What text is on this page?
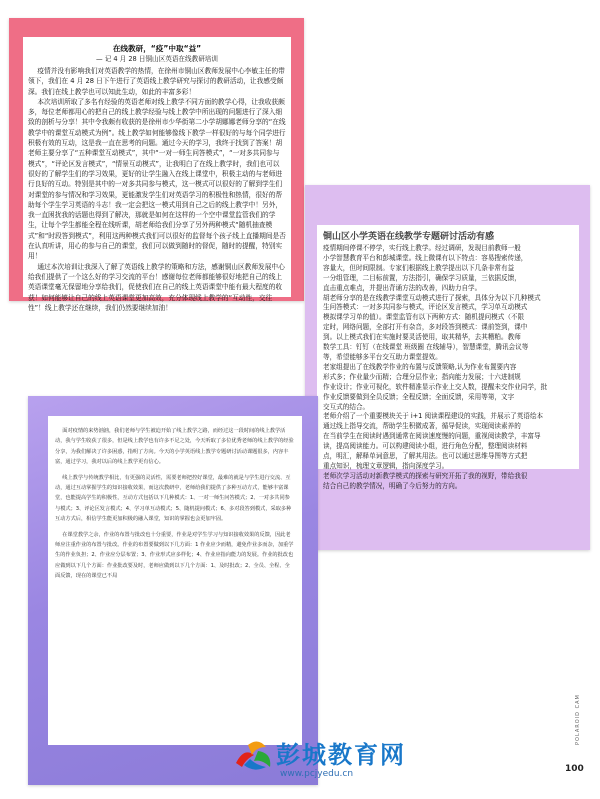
在线教研，“疫”中取“益”
— 记 4 月 28 日铜山区英语在线教研培训

疫情并没有影响我们对英语教学的热情，在徐州市铜山区教师发展中心李敏主任的带领下，我们在 4 月 28 日下午进行了英语线上教学研究与探讨的教研活动，让我感受颇深。我们在线上教学也可以知此生动，如此的丰富多彩！

本次培训所取了多名有经验的英语老师对线上教学不同方面的教学心得，让我收获颇多，每位老师都用心的把自己的线上教学经验与线上教学中所出现的问题进行了深入细致的剖析与分享！其中令我颇有收获的是徐州市少华街第二小学胡娜娜老师分享的“在线教学中的课堂互动模式为例”。线上教学如何能够像线下教学一样很好的与每个同学进行积极有效的互动，这是我一直在思考的问题。通过今天的学习，我终于找到了答案！胡老师主要分享了“五种课堂互动模式”，其中“一对一师生问答模式”，“一对多共同参与模式”，“评论区发言模式”，“情景互动模式”，让我明白了在线上教学时，我们也可以很好的了解学生们的学习效果，更好的让学生融入在线上课堂中，积极主动的与老师进行良好的互动。特别是其中的一对多共同参与模式，这一模式可以很好的了解到学生们对课堂的参与情况和学习效果，更能激发学生们对英语学习的积极性和热情，很好的帮助每个学生学习英语的斗志！我一定会把这一模式用到自己之后的线上教学中！另外，我一直困扰我的话题也得到了解决，那就是如何在这样的一个空中课堂监管我们的学生，让每个学生都能全程在线听课，胡老师给我们分享了另外两种模式“随机抽查模式”和“时段答到模式”，利用这两种模式我们可以很好的监督每个孩子线上直播期间是否在认真听讲，用心的参与自己的课堂，我们可以做到随时的督促，随时的提醒，特别实用！

通过本次培训让我深入了解了英语线上教学的策略和方法，感谢铜山区教师发展中心给我们提供了一个这么好的学习交流的平台！感谢每位老师都能够很好地把自己的线上英语课堂毫无保留地分享给我们，促使我们在自己的线上英语课堂中能有最大程度的收获！如何能够让自己的线上英语课堂更加高效，充分体现线上教学的“互动性，交往性”！线上教学还在继续，我们仍然要继续加油！

铜山区小学英语在线教学专题研讨活动有感
疫情期间停课不停学，实行线上教学。经过调研，发现目前教师一般
小学智慧教育平台和彭城课堂。线上微课有以下特点：容易搜索传递，
容量大，但时间限制。专家们根据线上教学提出以下几条非常有益
一分组管理，二目标前置，方法指引，确保学习质量，三依据反馈，
直击重点难点，并提出背诵方法的改善，四助力自学。
胡老师分享的是在线教学课堂互动模式进行了探索，具体分为以下几种模式
生问答模式：一对多共同参与模式，评论区发言模式，学习单互动模式
模拟课学习单的值）。课堂监管有以下两种方式：随机提问模式（不限
定时，网络问题，全部打开有杂音，多对段答到模式：课前签到，课中
到。以上模式我们在实施时要灵活使用，取其精华，去其糟粕。教师
数学工具：钉钉（在线课堂 班级圈 在线辅导），智慧课堂，腾讯会议等
等，希望能够多平台交互助力课堂提效。
老家组提出了在线教学作业的布置与反馈策略,认为作业布置要内容
形式多；作业量少而精；合理分层作业；指向能力发展；十六进制规
作业设计；作业可视化，软件精准显示作业上交人数，提醒未交作业同学，批
作业反馈要做到全员反馈；全程反馈；全面反馈，采用等第，文字
交互式的结合。
老师介绍了一个重要模块关于 i+1 阅读课程建设的实践，并展示了英语绘本
通过线上指导交流，帮助学生积微成著，循导促读，实现阅读素养的
在当前学生在阅读时遇到通常在阅读速度慢的问题，重视阅读教学，丰富导
读，提高阅读能力。可以构建阅读小组，进行角色分配，整理阅读材料
点，明汇，解释单词意思，了解其用法。也可以通过思维导图等方式把
重点知识，梳理文章逻辑，指向深度学习。
老师次学习活动对新教学模式的探索与研究开拓了我的视野，带给我很
结合自己的教学情况，明确了今后努力的方向。

面对疫情的来势汹汹，我们老师与学生被迫开始了线上教学之路，而经过这一段时间的线上教学活动，我与学生收获了很多，但是线上教学也有许多不足之处，今天听取了多位优秀老师的线上教学的经验分享，为我们解决了许多困惑，指明了方向。今天的小学英语线上教学专题研讨活动课题很多，内容丰富，通过学习，我对以后的线上教学更有信心。

线上教学与传统教学相比，有更强的灵活性，需要老师把控好课堂，最难的就是与学生进行交流、互动，通过互动掌握学生的知识接收效果，而这次教研中，老师给我们提供了多种互动方式，能够丰富课堂，也能提高学生的积极性，互动方式包括以下几种模式：1、一对一师生问答模式；2、一对多共同参与模式；3、评论区发言模式；4、学习单互动模式；5、随机提问模式；6、多对段答到模式，采取多种互动方式后，相信学生能更加积极的融入课堂，知识的掌握也会更加牢固。

在课堂教学之余，作业的布置与批改也十分重要，作业是对学生学习与知识接收效果的反馈，因此老师应注重作业的布置与批改。作业的布置要做到以下几方面：1 作业应少而精，避免作业多而杂，加重学生的作业负担；2、作业应分层布置；3、作业形式应多样化；4、作业应指向能力的发展。作业的批改也应做到以下几个方面：作业批改要及时，老师应做到以下几个方面：1、及时批改；2、全员、全程、全面反馈，现在的课堂已不局

POLAROID CAM
100
彭城教育网
www.pcjyedu.cn
